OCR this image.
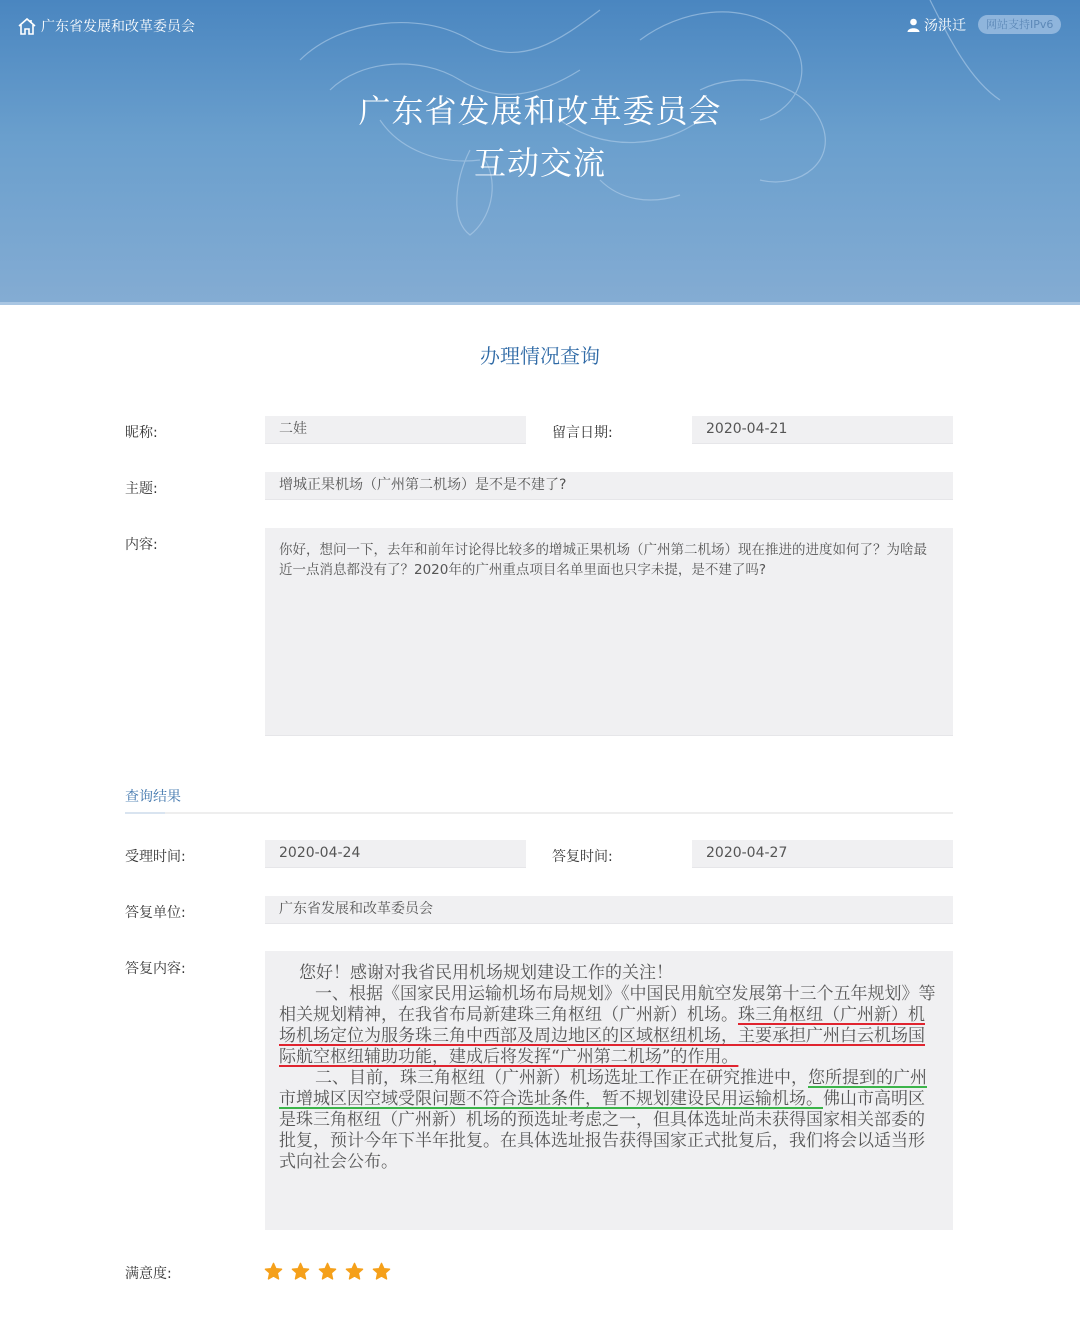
广东省发展和改革委员会	汤洪迁	网站支持IPv6
广东省发展和改革委员会
互动交流
办理情况查询
昵称:	二娃	留言日期:	2020-04-21
主题:	增城正果机场（广州第二机场）是不是不建了?
内容:	你好，想问一下，去年和前年讨论得比较多的增城正果机场（广州第二机场）现在推进的进度如何了？为啥最近一点消息都没有了？2020年的广州重点项目名单里面也只字未提，是不建了吗?
查询结果
受理时间:	2020-04-24	答复时间:	2020-04-27
答复单位:	广东省发展和改革委员会
答复内容:	您好！感谢对我省民用机场规划建设工作的关注！

一、根据《国家民用运输机场布局规划》《中国民用航空发展第十三个五年规划》等相关规划精神，在我省布局新建珠三角枢纽（广州新）机场。珠三角枢纽（广州新）机场机场定位为服务珠三角中西部及周边地区的区域枢纽机场，主要承担广州白云机场国际航空枢纽辅助功能，建成后将发挥“广州第二机场”的作用。

二、目前，珠三角枢纽（广州新）机场选址工作正在研究推进中，您所提到的广州市增城区因空域受限问题不符合选址条件，暂不规划建设民用运输机场。佛山市高明区是珠三角枢纽（广州新）机场的预选址考虑之一，但具体选址尚未获得国家相关部委的批复，预计今年下半年批复。在具体选址报告获得国家正式批复后，我们将会以适当形式向社会公布。

满意度:
